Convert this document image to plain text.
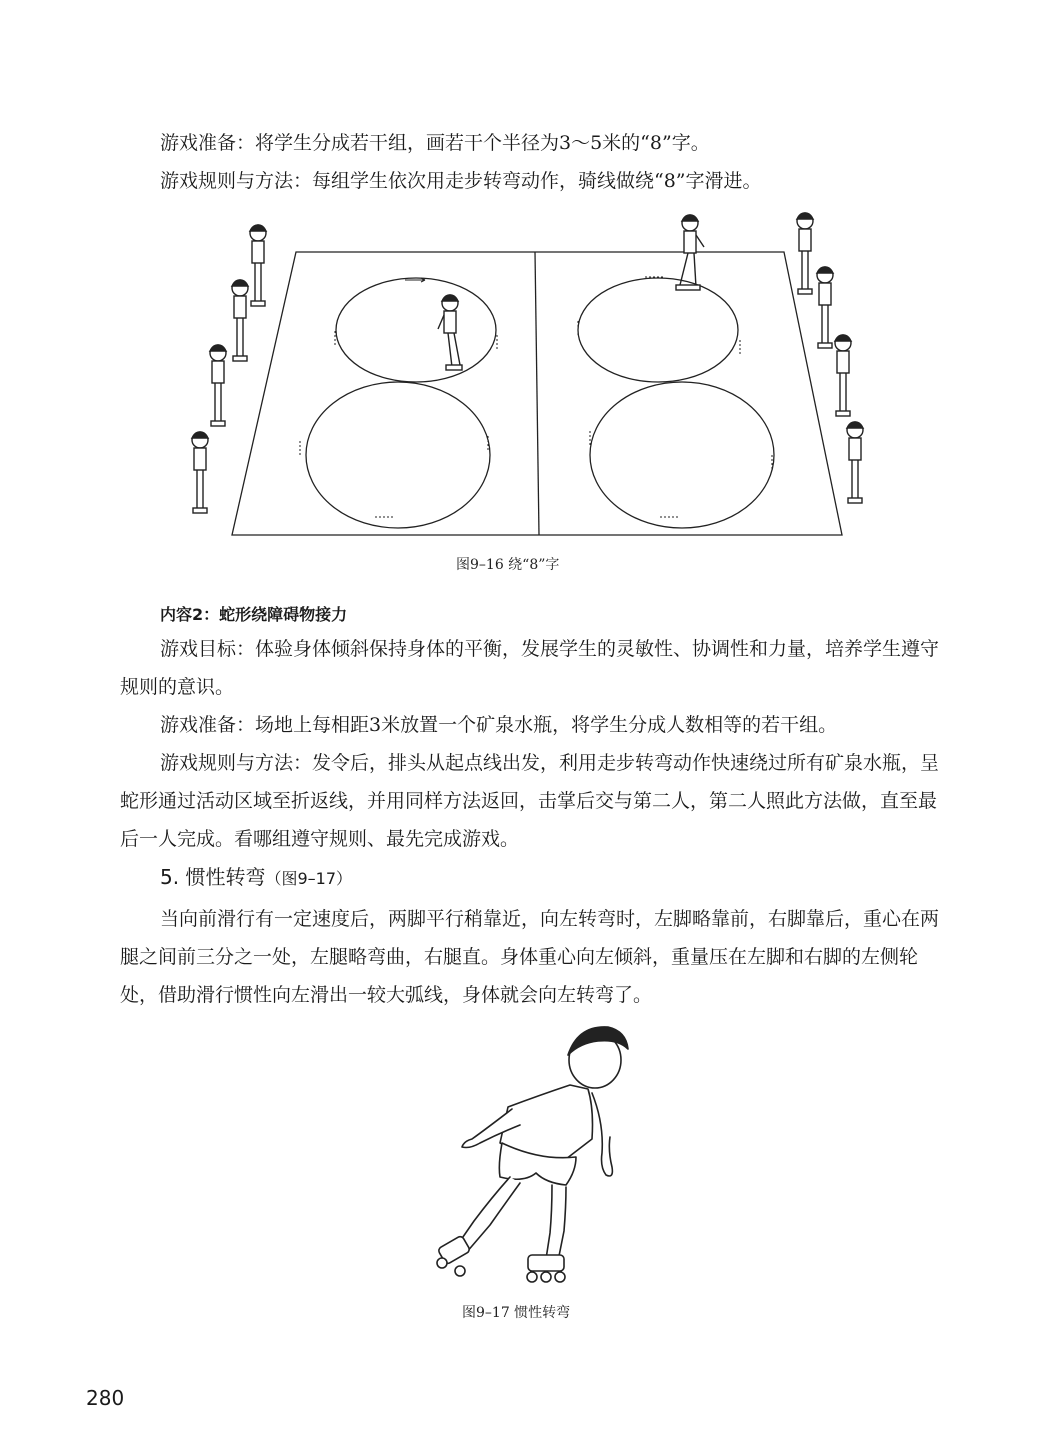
游戏准备：将学生分成若干组，画若干个半径为3～5米的“8”字。

游戏规则与方法：每组学生依次用走步转弯动作，骑线做绕“8”字滑进。

图9–16 绕“8”字
内容2：蛇形绕障碍物接力

游戏目标：体验身体倾斜保持身体的平衡，发展学生的灵敏性、协调性和力量，培养学生遵守规则的意识。

游戏准备：场地上每相距3米放置一个矿泉水瓶，将学生分成人数相等的若干组。

游戏规则与方法：发令后，排头从起点线出发，利用走步转弯动作快速绕过所有矿泉水瓶，呈蛇形通过活动区域至折返线，并用同样方法返回，击掌后交与第二人，第二人照此方法做，直至最后一人完成。看哪组遵守规则、最先完成游戏。

5. 惯性转弯（图9–17）

当向前滑行有一定速度后，两脚平行稍靠近，向左转弯时，左脚略靠前，右脚靠后，重心在两腿之间前三分之一处，左腿略弯曲，右腿直。身体重心向左倾斜，重量压在左脚和右脚的左侧轮处，借助滑行惯性向左滑出一较大弧线，身体就会向左转弯了。

图9–17 惯性转弯
280
